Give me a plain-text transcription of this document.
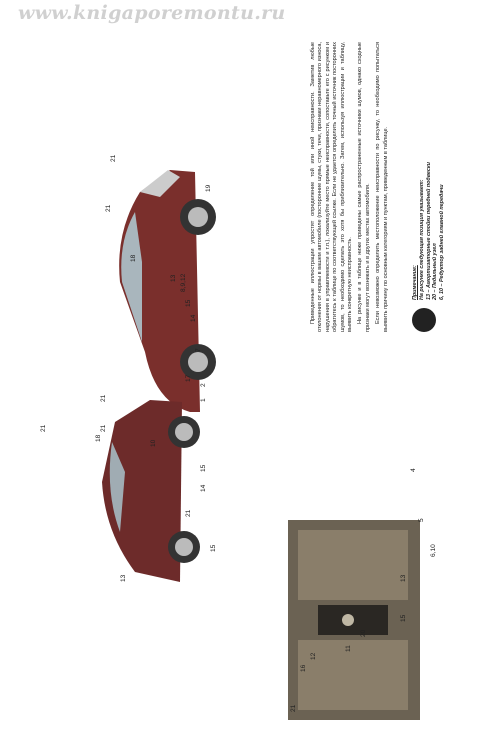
www.knigaporemontu.ru

Приведенные иллюстрации упростят определение той или иной неисправности. Заметив любые отклонения от нормы в вашем автомобиле (посторонние шумы, стуки, течи, признаки неравномерного износа, нарушения в управляемости и т.п.), локализуйте место прямые неисправности, сопоставьте его с рисунком и обратитесь к таблице по соответствующей ссылке. Если не удается определить точный источник посторонних шумов, то необходимо сделать это хотя бы приблизительно. Затем, используя иллюстрации и таблицу, выявить конкретную неисправность. На рисунке и в таблице ниже приведены самые распространенные источники шумов, однако сходные признаки могут возникать и в других местах автомобиля. Если невозможно определить местоположение неисправности по рисунку, то необходимо попытаться выявить причину по основным категориям и пунктам, приведенным в таблице.	Примечание: На рисунке следующая позиция указывает: 13 – Амортизаторные стойки передней подвески 20 – Педальный узел 6, 10 – Редуктор задней главной передачи
21
10
1
17
7
14
15
8,9,12
13
18
21
19
21
13
15
21
14
15
18
21
21
2
21
16
12
11
20
15
4
13
5
6,10
